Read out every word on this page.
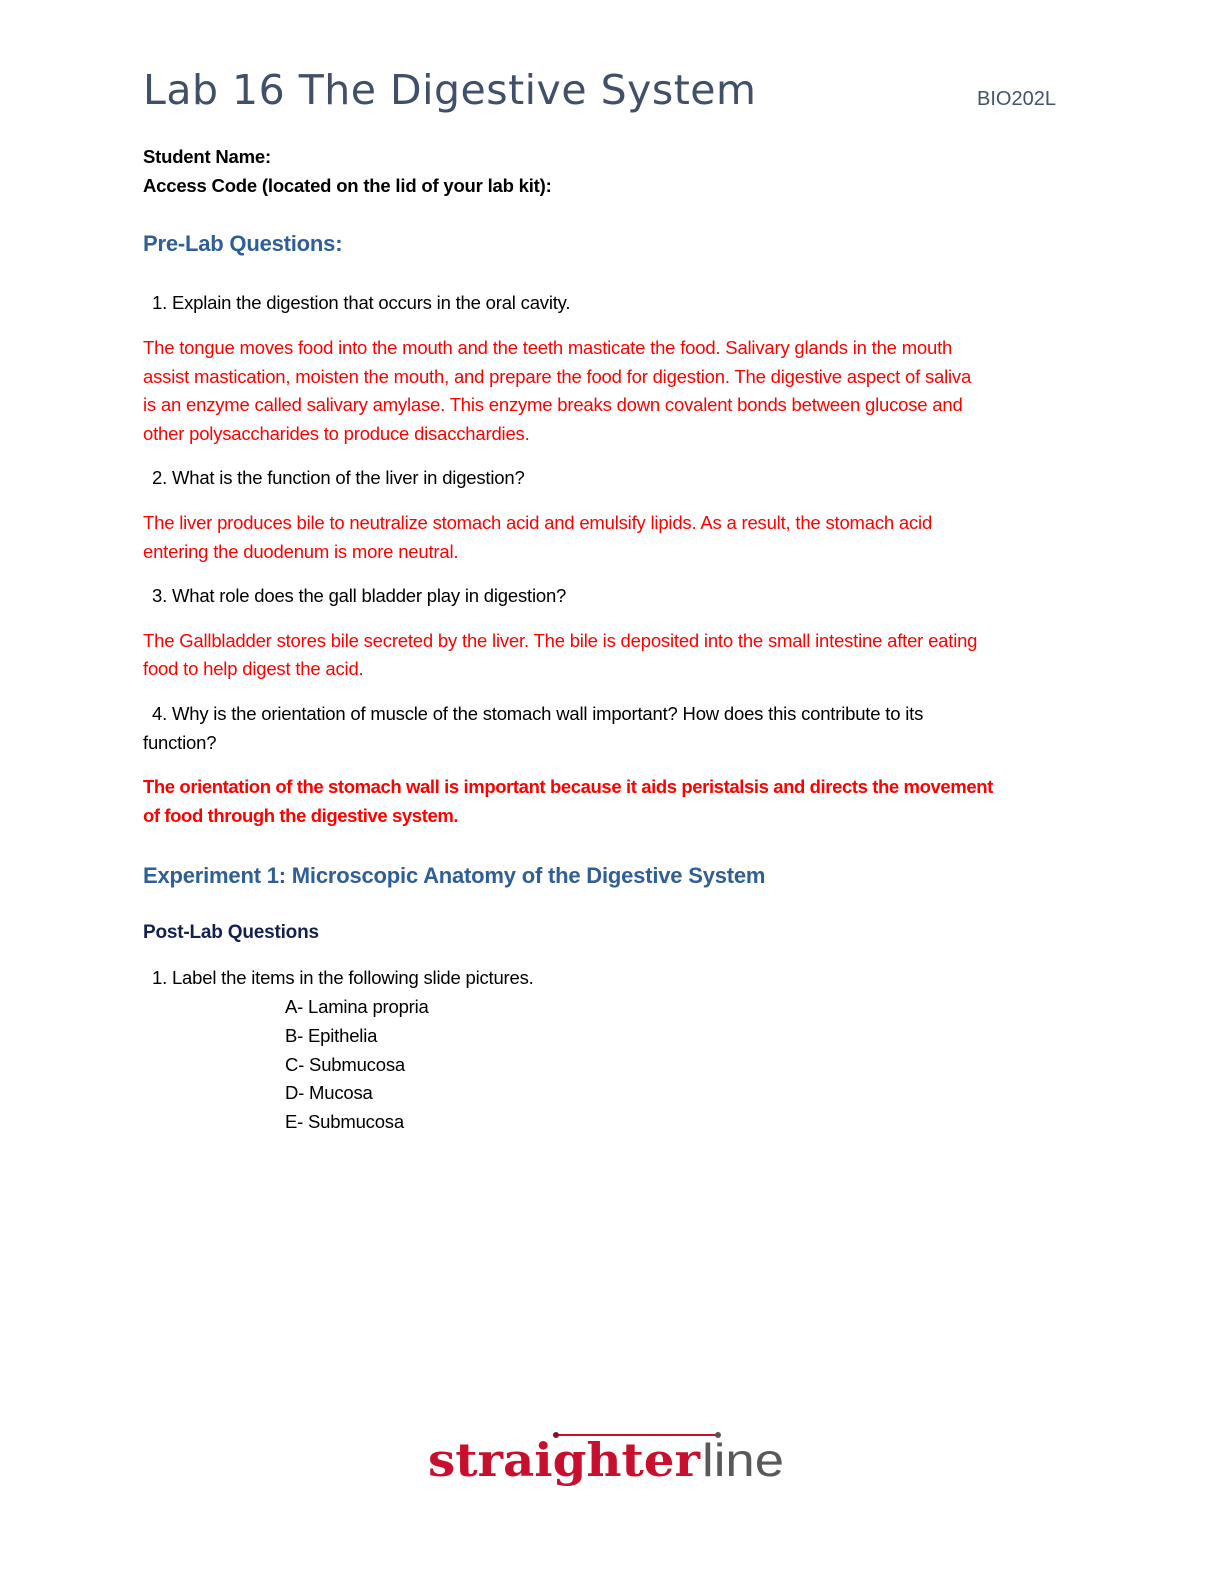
Lab 16 The Digestive System	BIO202L
Student Name:
Access Code (located on the lid of your lab kit):
Pre-Lab Questions:
1. Explain the digestion that occurs in the oral cavity.
The tongue moves food into the mouth and the teeth masticate the food. Salivary glands in the mouth
assist mastication, moisten the mouth, and prepare the food for digestion. The digestive aspect of saliva
is an enzyme called salivary amylase. This enzyme breaks down covalent bonds between glucose and
other polysaccharides to produce disacchardies.
2. What is the function of the liver in digestion?
The liver produces bile to neutralize stomach acid and emulsify lipids. As a result, the stomach acid
entering the duodenum is more neutral.
3. What role does the gall bladder play in digestion?
The Gallbladder stores bile secreted by the liver. The bile is deposited into the small intestine after eating
food to help digest the acid.
4. Why is the orientation of muscle of the stomach wall important? How does this contribute to its
function?
The orientation of the stomach wall is important because it aids peristalsis and directs the movement
of food through the digestive system.
Experiment 1: Microscopic Anatomy of the Digestive System
Post-Lab Questions
1. Label the items in the following slide pictures.
A- Lamina propria
B- Epithelia
C- Submucosa
D- Mucosa
E- Submucosa
straighter line
